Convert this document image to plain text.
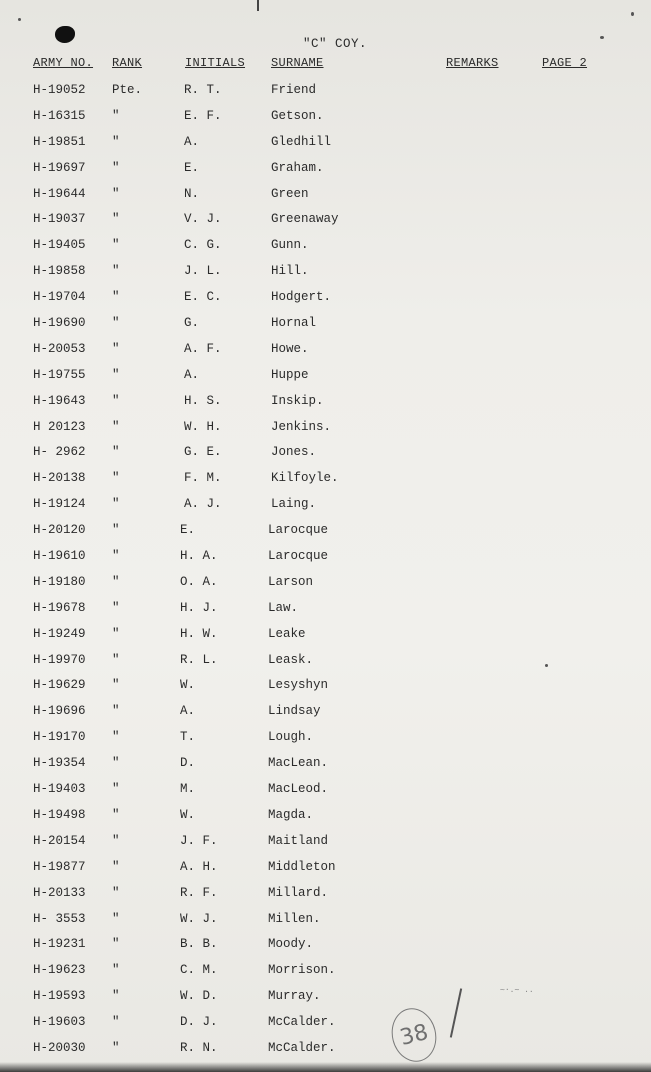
"C" COY.
ARMY NO. RANK	INITIALS SURNAME	REMARKS	PAGE 2
H-19052 Pte.	R. T.	Friend
H-16315 "	E. F.	Getson.
H-19851 "	A.	Gledhill
H-19697 "	E.	Graham.
H-19644 "	N.	Green
H-19037 "	V. J.	Greenaway
H-19405 "	C. G.	Gunn.
H-19858 "	J. L.	Hill.
H-19704 "	E. C.	Hodgert.
H-19690 "	G.	Hornal
H-20053 "	A. F.	Howe.
H-19755 "	A.	Huppe
H-19643 "	H. S.	Inskip.
H 20123 "	W. H.	Jenkins.
H- 2962 "	G. E.	Jones.
H-20138 "	F. M.	Kilfoyle.
H-19124 "	A. J.	Laing.
H-20120 "	E.	Larocque
H-19610 "	H. A.	Larocque
H-19180 "	O. A.	Larson
H-19678 "	H. J.	Law.
H-19249 "	H. W.	Leake
H-19970 "	R. L.	Leask.
H-19629 "	W.	Lesyshyn
H-19696 "	A.	Lindsay
H-19170 "	T.	Lough.
H-19354 "	D.	MacLean.
H-19403 "	M.	MacLeod.
H-19498 "	W.	Magda.
H-20154 "	J. F.	Maitland
H-19877 "	A. H.	Middleton
H-20133 "	R. F.	Millard.
H- 3553 "	W. J.	Millen.
H-19231 "	B. B.	Moody.
H-19623 "	C. M.	Morrison.
H-19593 "	W. D.	Murray.
H-19603 "	D. J.	McCalder.
H-20030 "	R. N.	McCalder.
~·.~ ..
38
